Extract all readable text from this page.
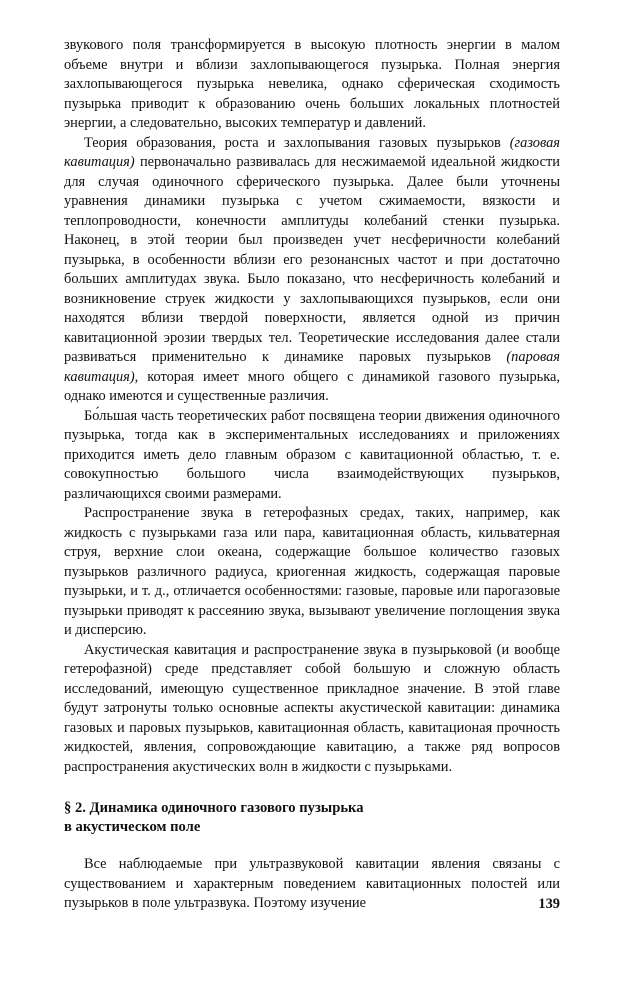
звукового поля трансформируется в высокую плотность энергии в малом объеме внутри и вблизи захлопывающегося пузырька. Полная энергия захлопывающегося пузырька невелика, однако сферическая сходимость пузырька приводит к образованию очень больших локальных плотностей энергии, а следовательно, высоких температур и давлений.

Теория образования, роста и захлопывания газовых пузырьков (газовая кавитация) первоначально развивалась для несжимаемой идеальной жидкости для случая одиночного сферического пузырька. Далее были уточнены уравнения динамики пузырька с учетом сжимаемости, вязкости и теплопроводности, конечности амплитуды колебаний стенки пузырька. Наконец, в этой теории был произведен учет несферичности колебаний пузырька, в особенности вблизи его резонансных частот и при достаточно больших амплитудах звука. Было показано, что несферичность колебаний и возникновение струек жидкости у захлопывающихся пузырьков, если они находятся вблизи твердой поверхности, является одной из причин кавитационной эрозии твердых тел. Теоретические исследования далее стали развиваться применительно к динамике паровых пузырьков (паровая кавитация), которая имеет много общего с динамикой газового пузырька, однако имеются и существенные различия.

Бо́льшая часть теоретических работ посвящена теории движения одиночного пузырька, тогда как в экспериментальных исследованиях и приложениях приходится иметь дело главным образом с кавитационной областью, т. е. совокупностью большого числа взаимодействующих пузырьков, различающихся своими размерами.

Распространение звука в гетерофазных средах, таких, например, как жидкость с пузырьками газа или пара, кавитационная область, кильватерная струя, верхние слои океана, содержащие большое количество газовых пузырьков различного радиуса, криогенная жидкость, содержащая паровые пузырьки, и т. д., отличается особенностями: газовые, паровые или парогазовые пузырьки приводят к рассеянию звука, вызывают увеличение поглощения звука и дисперсию.

Акустическая кавитация и распространение звука в пузырьковой (и вообще гетерофазной) среде представляет собой большую и сложную область исследований, имеющую существенное прикладное значение. В этой главе будут затронуты только основные аспекты акустической кавитации: динамика газовых и паровых пузырьков, кавитационная область, кавитационая прочность жидкостей, явления, сопровождающие кавитацию, а также ряд вопросов распространения акустических волн в жидкости с пузырьками.

§ 2. Динамика одиночного газового пузырька
в акустическом поле

Все наблюдаемые при ультразвуковой кавитации явления связаны с существованием и характерным поведением кавитационных полостей или пузырьков в поле ультразвука. Поэтому изучение	139
